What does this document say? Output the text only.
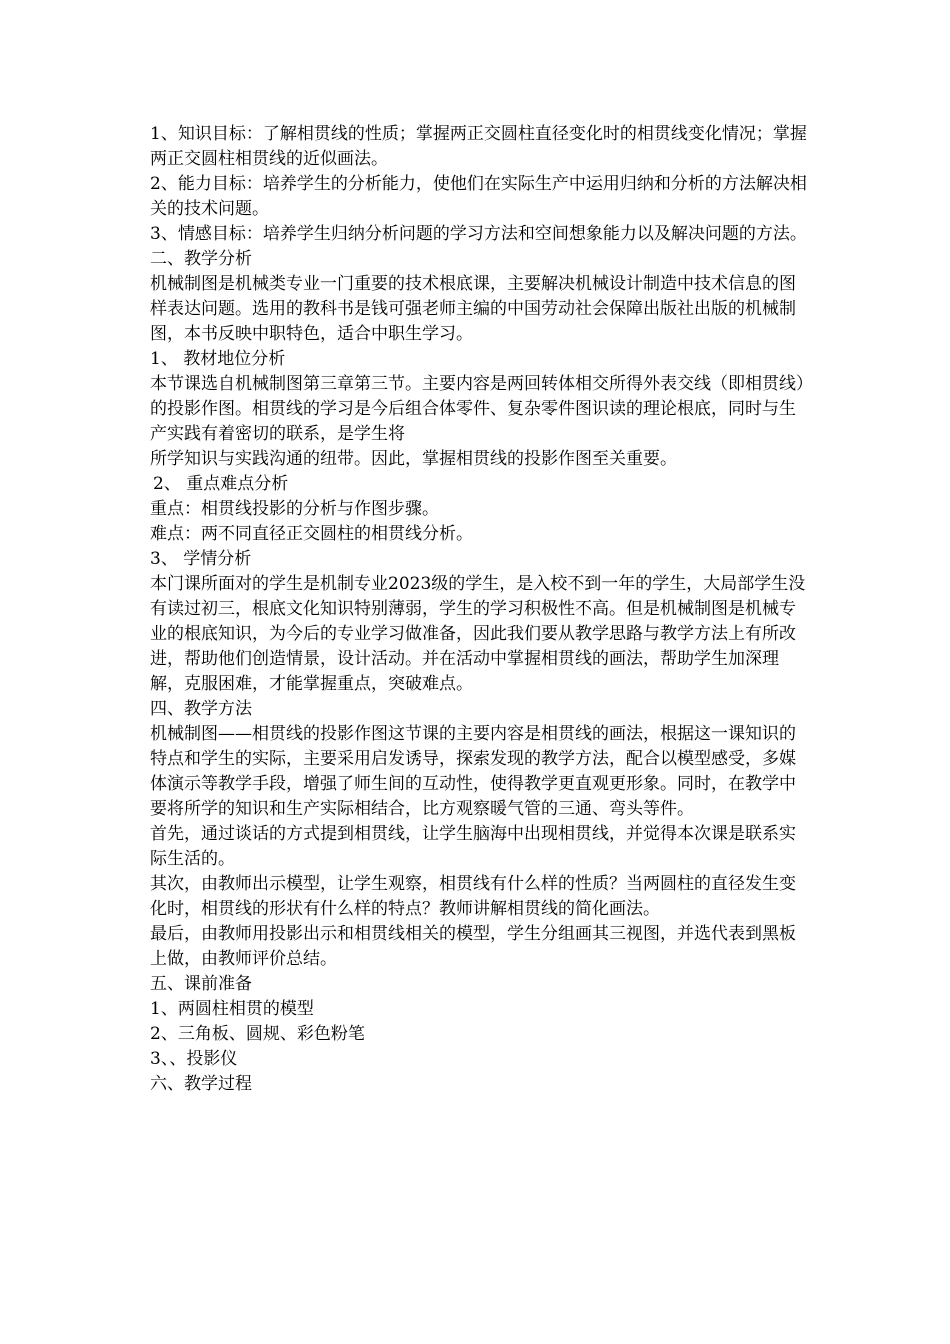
1、知识目标：了解相贯线的性质；掌握两正交圆柱直径变化时的相贯线变化情况；掌握两正交圆柱相贯线的近似画法。

2、能力目标：培养学生的分析能力，使他们在实际生产中运用归纳和分析的方法解决相关的技术问题。

3、情感目标：培养学生归纳分析问题的学习方法和空间想象能力以及解决问题的方法。

二、教学分析

机械制图是机械类专业一门重要的技术根底课，主要解决机械设计制造中技术信息的图样表达问题。选用的教科书是钱可强老师主编的中国劳动社会保障出版社出版的机械制图，本书反映中职特色，适合中职生学习。

1、 教材地位分析

本节课选自机械制图第三章第三节。主要内容是两回转体相交所得外表交线（即相贯线）的投影作图。相贯线的学习是今后组合体零件、复杂零件图识读的理论根底，同时与生产实践有着密切的联系，是学生将

所学知识与实践沟通的纽带。因此，掌握相贯线的投影作图至关重要。

2、 重点难点分析

重点：相贯线投影的分析与作图步骤。

难点：两不同直径正交圆柱的相贯线分析。

3、 学情分析

本门课所面对的学生是机制专业2023级的学生，是入校不到一年的学生，大局部学生没有读过初三，根底文化知识特别薄弱，学生的学习积极性不高。但是机械制图是机械专业的根底知识，为今后的专业学习做准备，因此我们要从教学思路与教学方法上有所改进，帮助他们创造情景，设计活动。并在活动中掌握相贯线的画法，帮助学生加深理解，克服困难，才能掌握重点，突破难点。

四、教学方法

机械制图——相贯线的投影作图这节课的主要内容是相贯线的画法，根据这一课知识的特点和学生的实际，主要采用启发诱导，探索发现的教学方法，配合以模型感受，多媒体演示等教学手段，增强了师生间的互动性，使得教学更直观更形象。同时，在教学中要将所学的知识和生产实际相结合，比方观察暖气管的三通、弯头等件。

首先，通过谈话的方式提到相贯线，让学生脑海中出现相贯线，并觉得本次课是联系实际生活的。

其次，由教师出示模型，让学生观察，相贯线有什么样的性质？当两圆柱的直径发生变化时，相贯线的形状有什么样的特点？教师讲解相贯线的简化画法。

最后，由教师用投影出示和相贯线相关的模型，学生分组画其三视图，并选代表到黑板上做，由教师评价总结。

五、课前准备

1、两圆柱相贯的模型

2、三角板、圆规、彩色粉笔

3、、投影仪

六、教学过程
